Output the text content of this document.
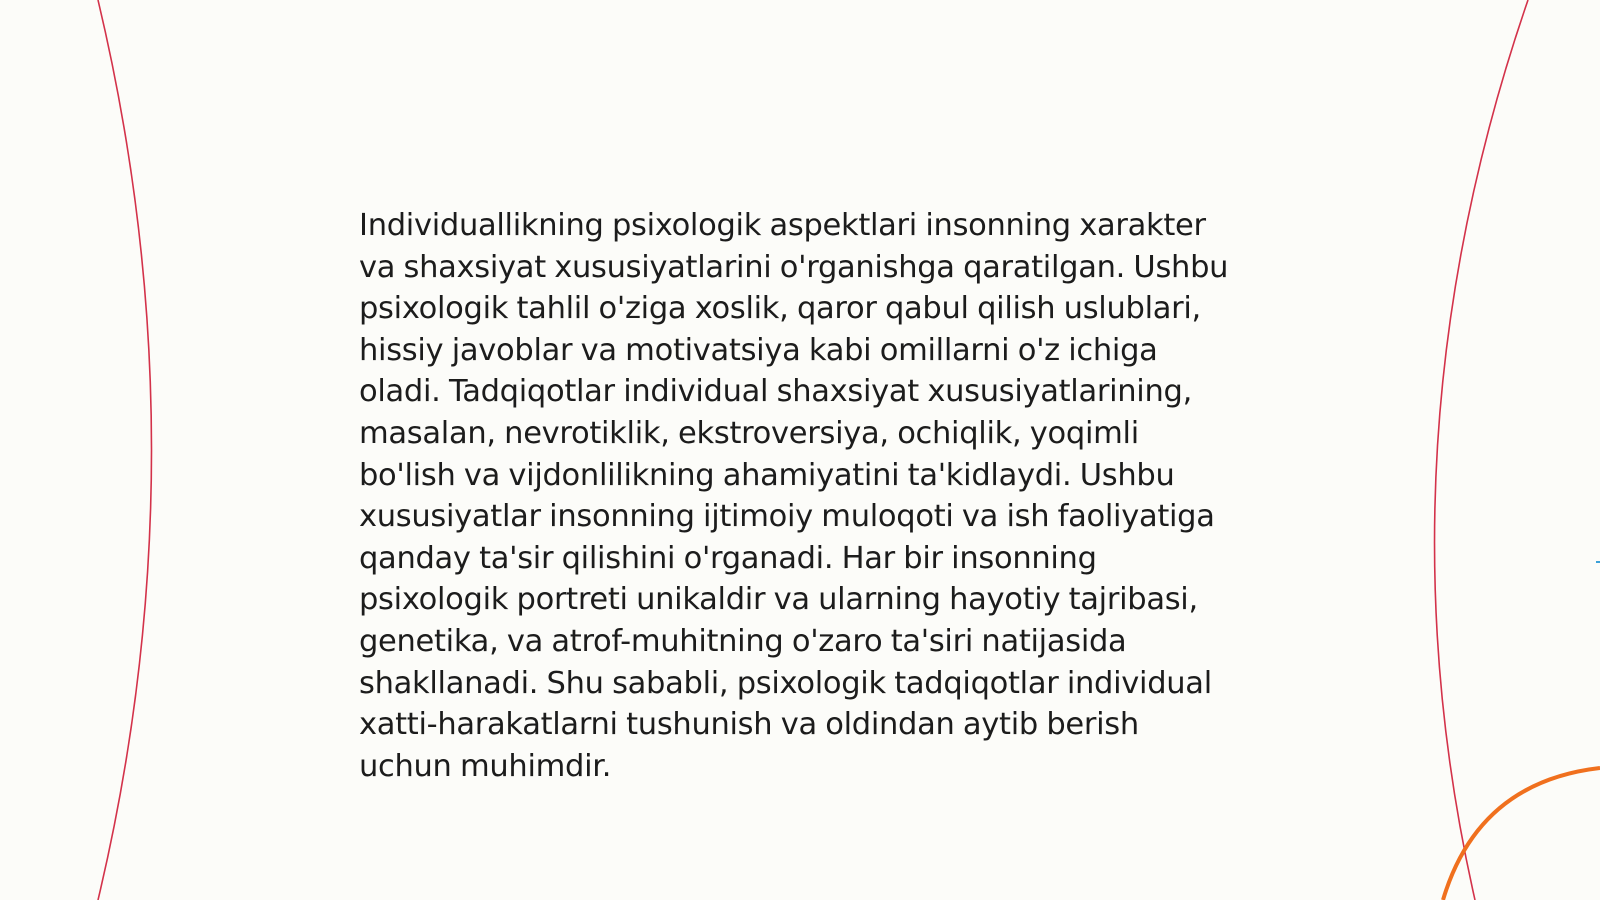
Individuallikning psixologik aspektlari insonning xarakter va shaxsiyat xususiyatlarini o'rganishga qaratilgan. Ushbu psixologik tahlil o'ziga xoslik, qaror qabul qilish uslublari, hissiy javoblar va motivatsiya kabi omillarni o'z ichiga oladi. Tadqiqotlar individual shaxsiyat xususiyatlarining, masalan, nevrotiklik, ekstroversiya, ochiqlik, yoqimli bo'lish va vijdonlilikning ahamiyatini ta'kidlaydi. Ushbu xususiyatlar insonning ijtimoiy muloqoti va ish faoliyatiga qanday ta'sir qilishini o'rganadi. Har bir insonning psixologik portreti unikaldir va ularning hayotiy tajribasi, genetika, va atrof-muhitning o'zaro ta'siri natijasida shakllanadi. Shu sababli, psixologik tadqiqotlar individual xatti-harakatlarni tushunish va oldindan aytib berish uchun muhimdir.
